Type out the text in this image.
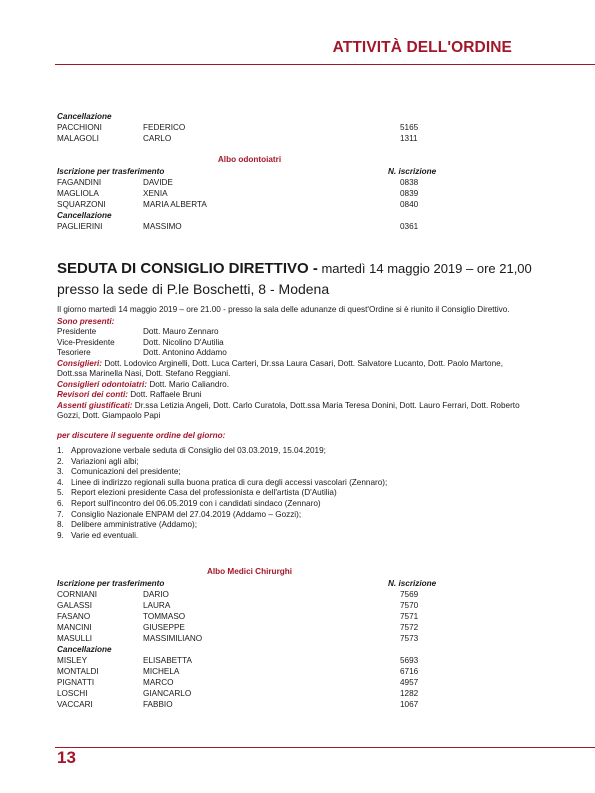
ATTIVITÀ DELL'ORDINE
Cancellazione
PACCHIONI	FEDERICO	5165
MALAGOLI	CARLO	1311
Albo odontoiatri
Iscrizione per trasferimento	N. iscrizione
FAGANDINI	DAVIDE	0838
MAGLIOLA	XENIA	0839
SQUARZONI	MARIA ALBERTA	0840
Cancellazione
PAGLIERINI	MASSIMO	0361
SEDUTA DI CONSIGLIO DIRETTIVO - martedì 14 maggio 2019 – ore 21,00
presso la sede di P.le Boschetti, 8 - Modena
Il giorno martedì 14 maggio 2019 – ore 21.00 - presso la sala delle adunanze di quest'Ordine si è riunito il Consiglio Direttivo.
Sono presenti:
Presidente	Dott. Mauro Zennaro
Vice-Presidente	Dott. Nicolino D'Autilia
Tesoriere	Dott. Antonino Addamo
Consiglieri: Dott. Lodovico Arginelli, Dott. Luca Carteri, Dr.ssa Laura Casari, Dott. Salvatore Lucanto, Dott. Paolo Martone,
Dott.ssa Marinella Nasi, Dott. Stefano Reggiani.
Consiglieri odontoiatri: Dott. Mario Caliandro.
Revisori dei conti: Dott. Raffaele Bruni
Assenti giustificati: Dr.ssa Letizia Angeli, Dott. Carlo Curatola, Dott.ssa Maria Teresa Donini, Dott. Lauro Ferrari, Dott. Roberto
Gozzi, Dott. Giampaolo Papi
per discutere il seguente ordine del giorno:
1. Approvazione verbale seduta di Consiglio del 03.03.2019, 15.04.2019;
2. Variazioni agli albi;
3. Comunicazioni del presidente;
4. Linee di indirizzo regionali sulla buona pratica di cura degli accessi vascolari (Zennaro);
5. Report elezioni presidente Casa del professionista e dell'artista (D'Autilia)
6. Report sull'incontro del 06.05.2019 con i candidati sindaco (Zennaro)
7. Consiglio Nazionale ENPAM del 27.04.2019 (Addamo – Gozzi);
8. Delibere amministrative (Addamo);
9. Varie ed eventuali.
Albo Medici Chirurghi
Iscrizione per trasferimento	N. iscrizione
CORNIANI	DARIO	7569
GALASSI	LAURA	7570
FASANO	TOMMASO	7571
MANCINI	GIUSEPPE	7572
MASULLI	MASSIMILIANO	7573
Cancellazione
MISLEY	ELISABETTA	5693
MONTALDI	MICHELA	6716
PIGNATTI	MARCO	4957
LOSCHI	GIANCARLO	1282
VACCARI	FABBIO	1067
13
